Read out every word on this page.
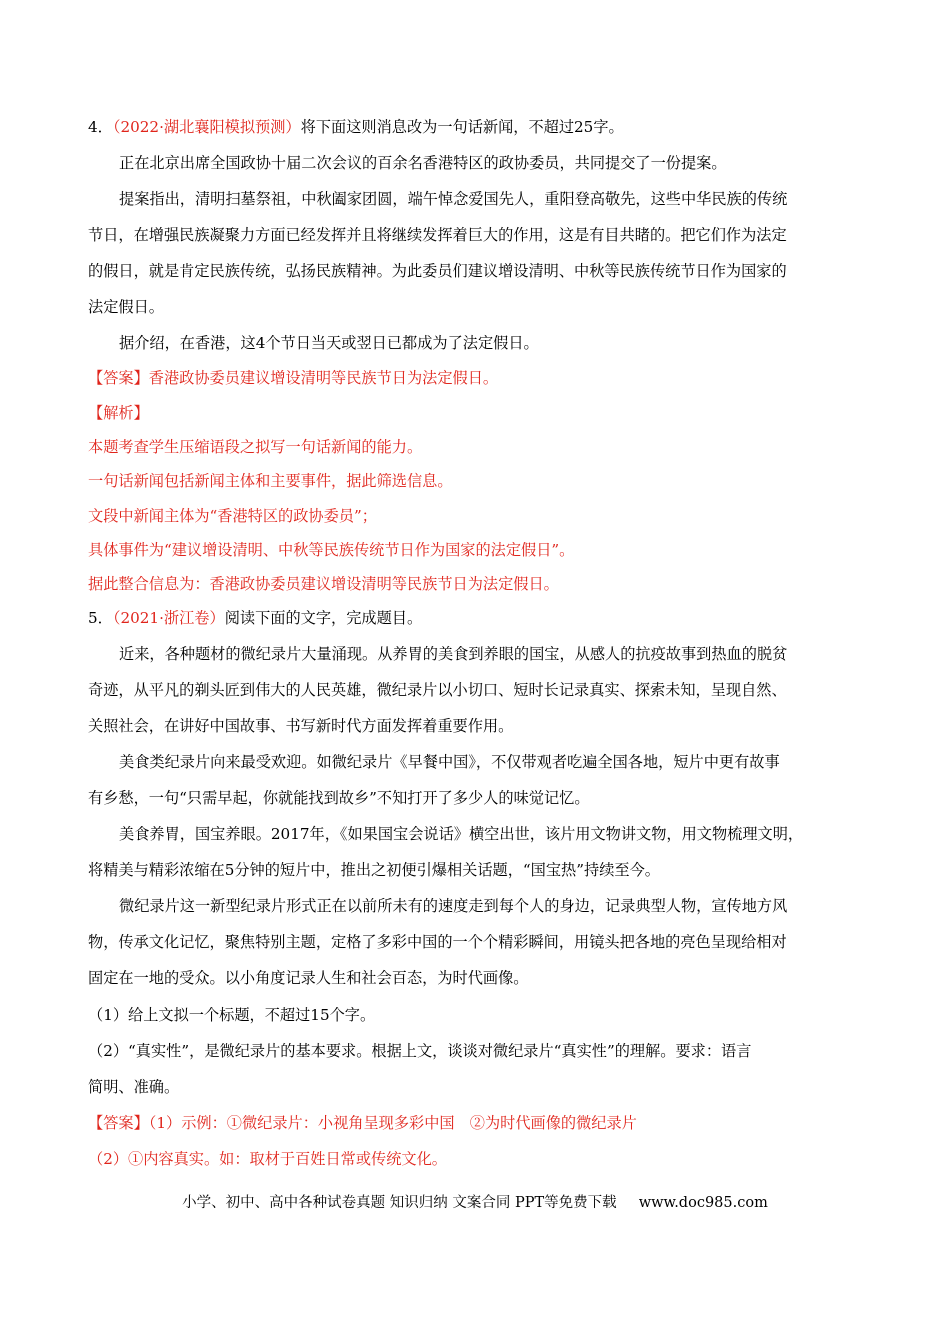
4．（2022·湖北襄阳模拟预测）将下面这则消息改为一句话新闻，不超过25字。
正在北京出席全国政协十届二次会议的百余名香港特区的政协委员，共同提交了一份提案。
提案指出，清明扫墓祭祖，中秋阖家团圆，端午悼念爱国先人，重阳登高敬先，这些中华民族的传统
节日，在增强民族凝聚力方面已经发挥并且将继续发挥着巨大的作用，这是有目共睹的。把它们作为法定
的假日，就是肯定民族传统，弘扬民族精神。为此委员们建议增设清明、中秋等民族传统节日作为国家的
法定假日。
据介绍，在香港，这4个节日当天或翌日已都成为了法定假日。
【答案】香港政协委员建议增设清明等民族节日为法定假日。
【解析】
本题考查学生压缩语段之拟写一句话新闻的能力。
一句话新闻包括新闻主体和主要事件，据此筛选信息。
文段中新闻主体为“香港特区的政协委员”；
具体事件为“建议增设清明、中秋等民族传统节日作为国家的法定假日”。
据此整合信息为：香港政协委员建议增设清明等民族节日为法定假日。
5．（2021·浙江卷）阅读下面的文字，完成题目。
近来，各种题材的微纪录片大量涌现。从养胃的美食到养眼的国宝，从感人的抗疫故事到热血的脱贫
奇迹，从平凡的剃头匠到伟大的人民英雄，微纪录片以小切口、短时长记录真实、探索未知，呈现自然、
关照社会，在讲好中国故事、书写新时代方面发挥着重要作用。
美食类纪录片向来最受欢迎。如微纪录片《早餐中国》，不仅带观者吃遍全国各地，短片中更有故事
有乡愁，一句“只需早起，你就能找到故乡”不知打开了多少人的味觉记忆。
美食养胃，国宝养眼。2017年，《如果国宝会说话》横空出世，该片用文物讲文物，用文物梳理文明，
将精美与精彩浓缩在5分钟的短片中，推出之初便引爆相关话题，“国宝热”持续至今。
微纪录片这一新型纪录片形式正在以前所未有的速度走到每个人的身边，记录典型人物，宣传地方风
物，传承文化记忆，聚焦特别主题，定格了多彩中国的一个个精彩瞬间，用镜头把各地的亮色呈现给相对
固定在一地的受众。以小角度记录人生和社会百态，为时代画像。
（1）给上文拟一个标题，不超过15个字。
（2）“真实性”，是微纪录片的基本要求。根据上文，谈谈对微纪录片“真实性”的理解。要求：语言
简明、准确。
【答案】（1）示例：①微纪录片：小视角呈现多彩中国　②为时代画像的微纪录片
（2）①内容真实。如：取材于百姓日常或传统文化。
小学、初中、高中各种试卷真题 知识归纳 文案合同 PPT等免费下载 www.doc985.com
